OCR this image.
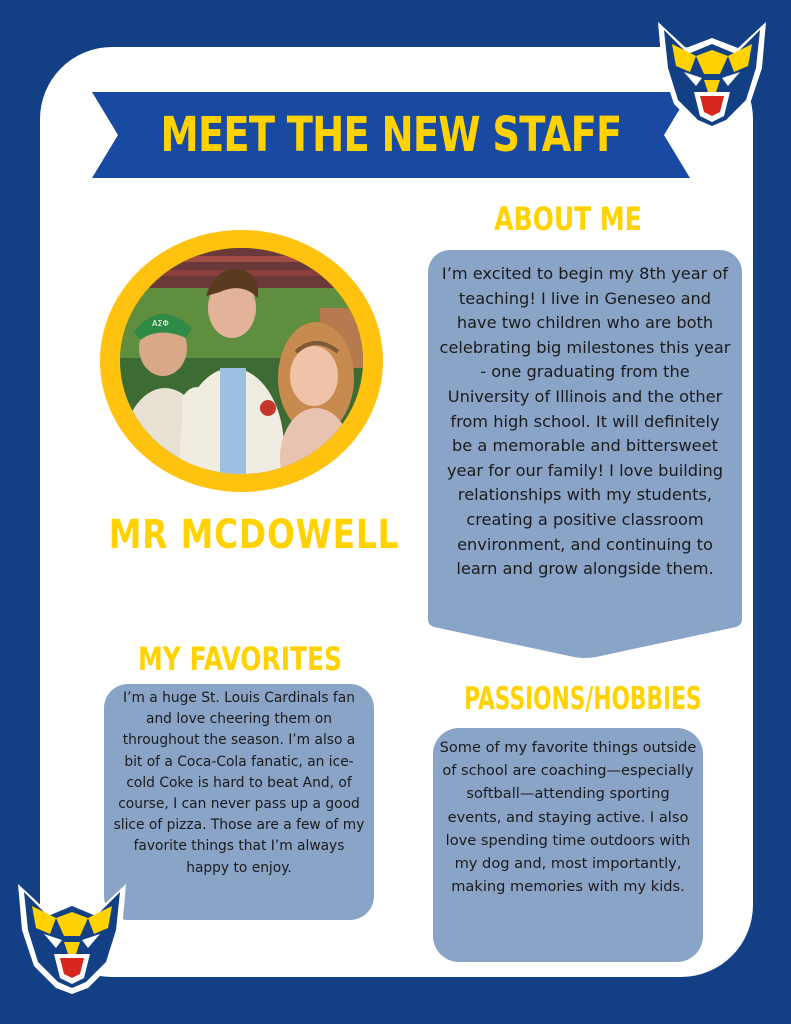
MEET THE NEW STAFF
ABOUT ME
ΑΣΦ
MR MCDOWELL
I’m excited to begin my 8th year of teaching! I live in Geneseo and have two children who are both celebrating big milestones this year - one graduating from the University of Illinois and the other from high school. It will definitely be a memorable and bittersweet year for our family! I love building relationships with my students, creating a positive classroom environment, and continuing to learn and grow alongside them.
MY FAVORITES
I’m a huge St. Louis Cardinals fan and love cheering them on throughout the season. I’m also a bit of a Coca-Cola fanatic, an ice-cold Coke is hard to beat And, of course, I can never pass up a good slice of pizza. Those are a few of my favorite things that I’m always happy to enjoy.
PASSIONS/HOBBIES
Some of my favorite things outside of school are coaching—especially softball—attending sporting events, and staying active. I also love spending time outdoors with my dog and, most importantly, making memories with my kids.
